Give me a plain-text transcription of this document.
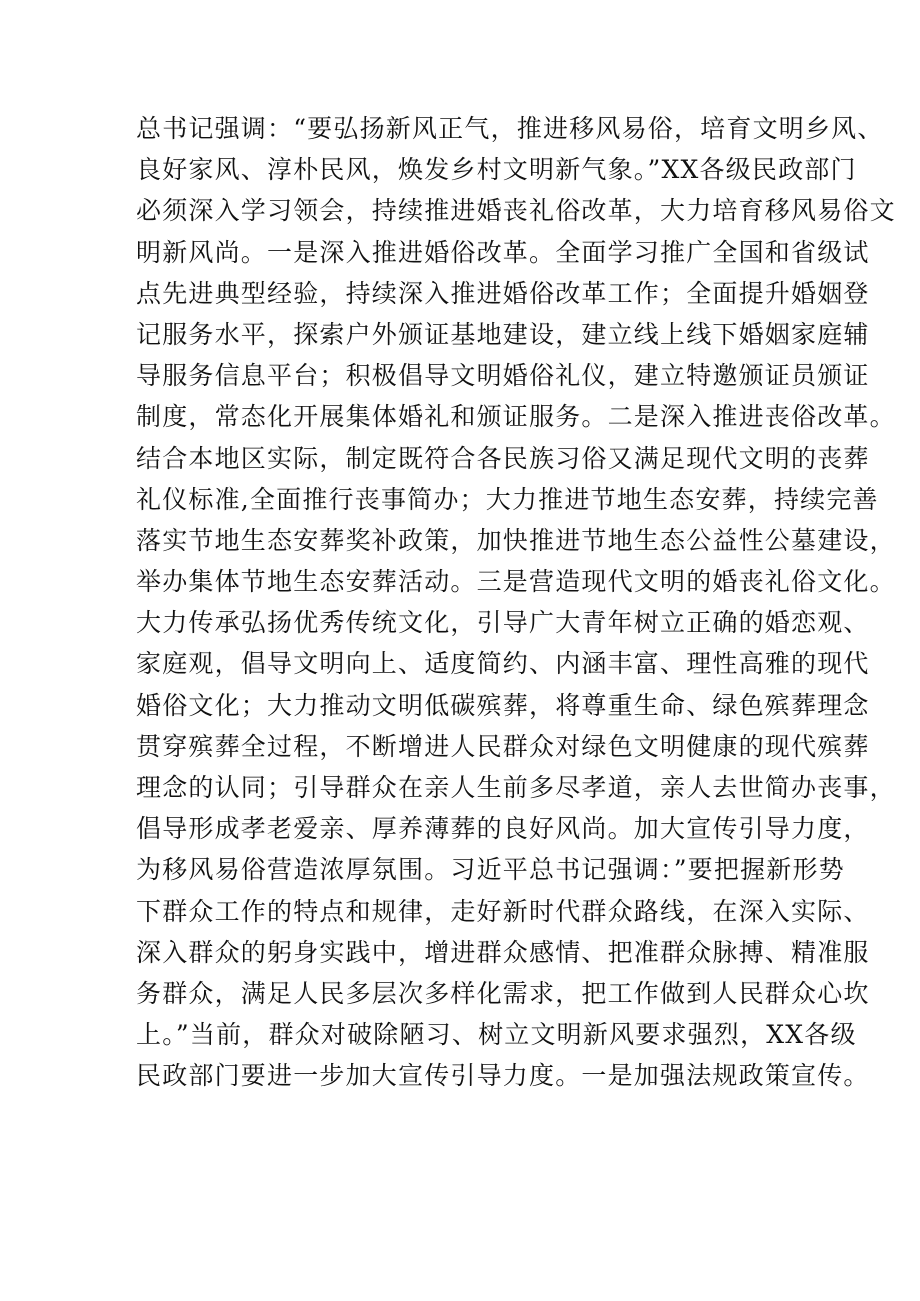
总书记强调：“要弘扬新风正气，推进移风易俗，培育文明乡风、
良好家风、淳朴民风，焕发乡村文明新气象。”XX各级民政部门
必须深入学习领会，持续推进婚丧礼俗改革，大力培育移风易俗文
明新风尚。一是深入推进婚俗改革。全面学习推广全国和省级试
点先进典型经验，持续深入推进婚俗改革工作；全面提升婚姻登
记服务水平，探索户外颁证基地建设，建立线上线下婚姻家庭辅
导服务信息平台；积极倡导文明婚俗礼仪，建立特邀颁证员颁证
制度，常态化开展集体婚礼和颁证服务。二是深入推进丧俗改革。
结合本地区实际，制定既符合各民族习俗又满足现代文明的丧葬
礼仪标准,全面推行丧事简办；大力推进节地生态安葬，持续完善
落实节地生态安葬奖补政策，加快推进节地生态公益性公墓建设，
举办集体节地生态安葬活动。三是营造现代文明的婚丧礼俗文化。
大力传承弘扬优秀传统文化，引导广大青年树立正确的婚恋观、
家庭观，倡导文明向上、适度简约、内涵丰富、理性高雅的现代
婚俗文化；大力推动文明低碳殡葬，将尊重生命、绿色殡葬理念
贯穿殡葬全过程，不断增进人民群众对绿色文明健康的现代殡葬
理念的认同；引导群众在亲人生前多尽孝道，亲人去世简办丧事，
倡导形成孝老爱亲、厚养薄葬的良好风尚。加大宣传引导力度，
为移风易俗营造浓厚氛围。习近平总书记强调：”要把握新形势
下群众工作的特点和规律，走好新时代群众路线，在深入实际、
深入群众的躬身实践中，增进群众感情、把准群众脉搏、精准服
务群众，满足人民多层次多样化需求，把工作做到人民群众心坎
上。”当前，群众对破除陋习、树立文明新风要求强烈，XX各级
民政部门要进一步加大宣传引导力度。一是加强法规政策宣传。
